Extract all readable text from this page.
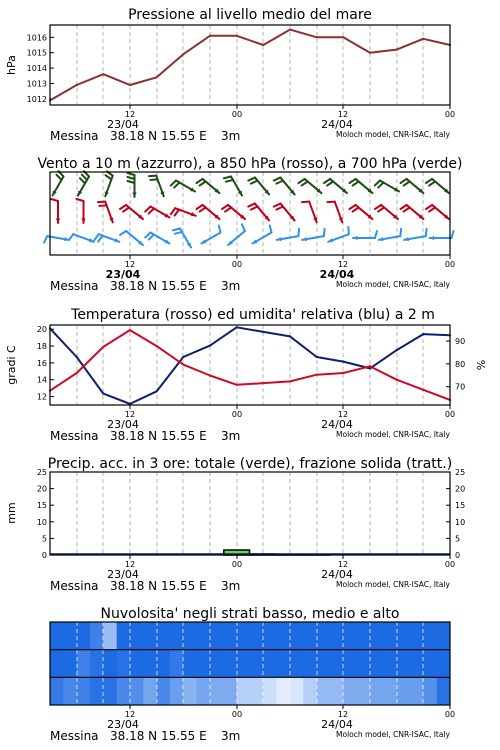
Pressione al livello medio del mare
1012
1013
1014
1015
1016
hPa
12	00	12	00
23/04	24/04
Messina 38.18 N 15.55 E 3m	Moloch model, CNR-ISAC, Italy
Vento a 10 m (azzurro), a 850 hPa (rosso), a 700 hPa (verde)
12	00	12	00
23/04	24/04
Messina 38.18 N 15.55 E 3m	Moloch model, CNR-ISAC, Italy
Temperatura (rosso) ed umidita' relativa (blu) a 2 m
12
14
16
18
20
70
80
90
gradi C	%
12	00	12	00
23/04	24/04
Messina 38.18 N 15.55 E 3m	Moloch model, CNR-ISAC, Italy
Precip. acc. in 3 ore: totale (verde), frazione solida (tratt.)
0	0
5	5
10	10
15	15
20	20
25	25
mm
12	00	12	00
23/04	24/04
Messina 38.18 N 15.55 E 3m	Moloch model, CNR-ISAC, Italy
Nuvolosita' negli strati basso, medio e alto
12	00	12	00
23/04	24/04
Messina 38.18 N 15.55 E 3m	Moloch model, CNR-ISAC, Italy
